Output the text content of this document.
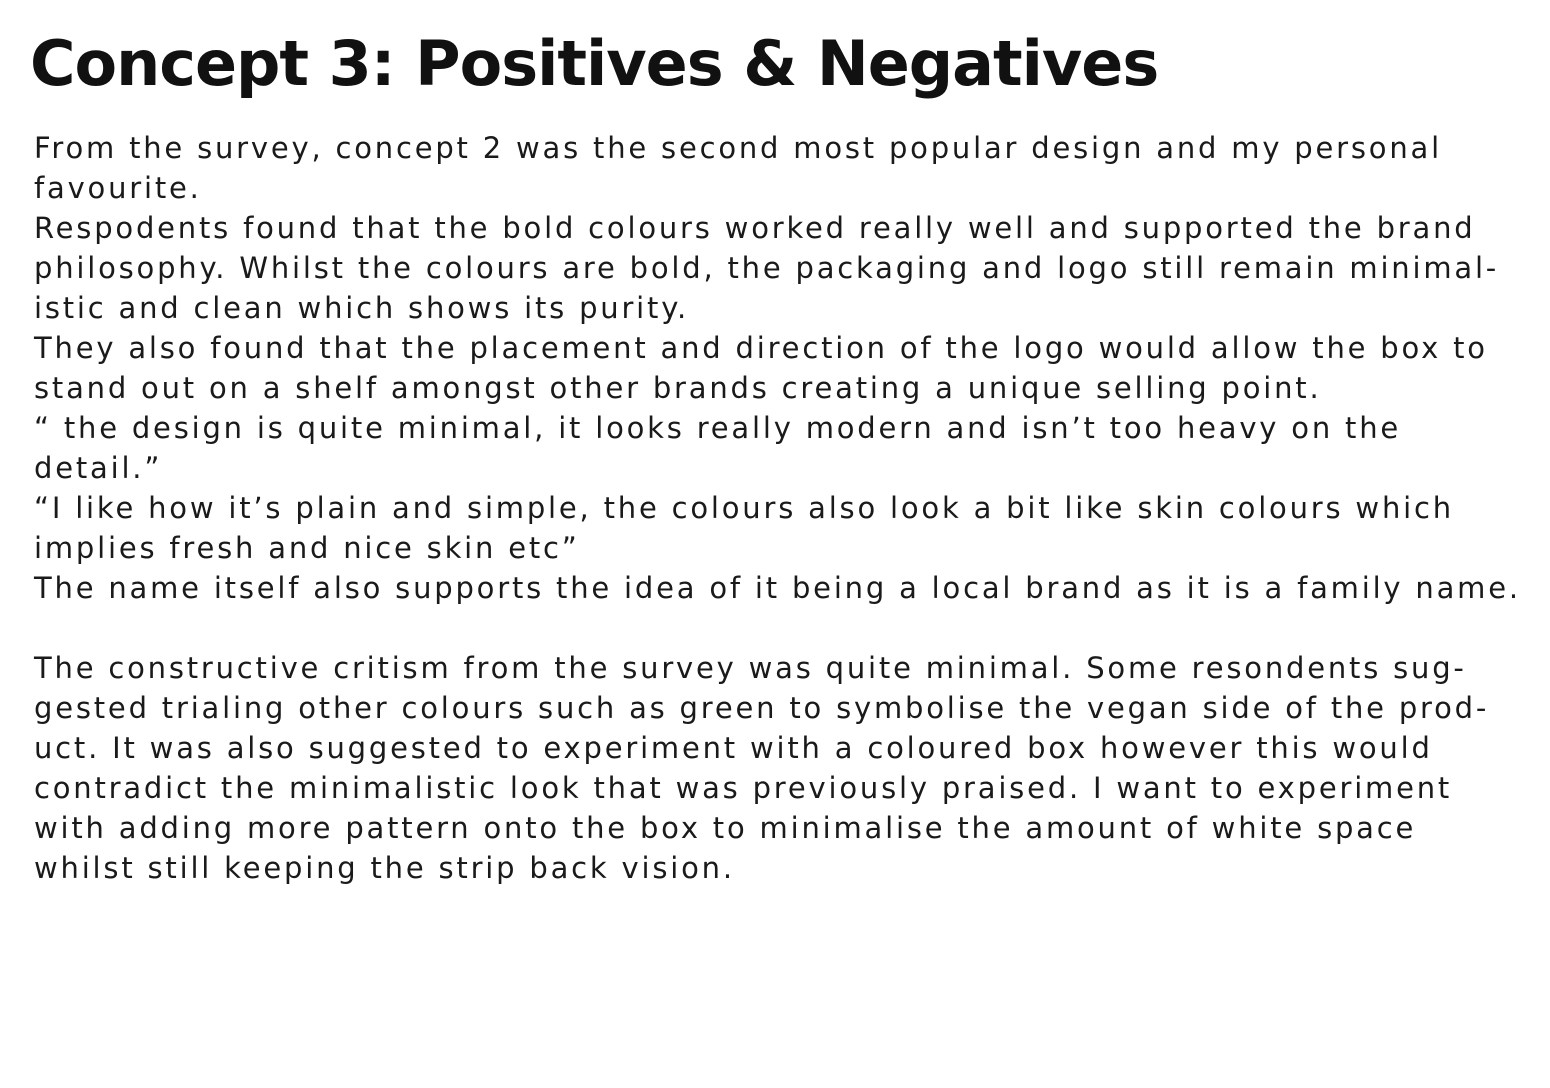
Concept 3: Positives & Negatives
From the survey, concept 2 was the second most popular design and my personal
favourite.
Respodents found that the bold colours worked really well and supported the brand
philosophy. Whilst the colours are bold, the packaging and logo still remain minimal-
istic and clean which shows its purity.
They also found that the placement and direction of the logo would allow the box to
stand out on a shelf amongst other brands creating a unique selling point.
“ the design is quite minimal, it looks really modern and isn’t too heavy on the
detail.”
“I like how it’s plain and simple, the colours also look a bit like skin colours which
implies fresh and nice skin etc”
The name itself also supports the idea of it being a local brand as it is a family name.
The constructive critism from the survey was quite minimal. Some resondents sug-
gested trialing other colours such as green to symbolise the vegan side of the prod-
uct. It was also suggested to experiment with a coloured box however this would
contradict the minimalistic look that was previously praised. I want to experiment
with adding more pattern onto the box to minimalise the amount of white space
whilst still keeping the strip back vision.
